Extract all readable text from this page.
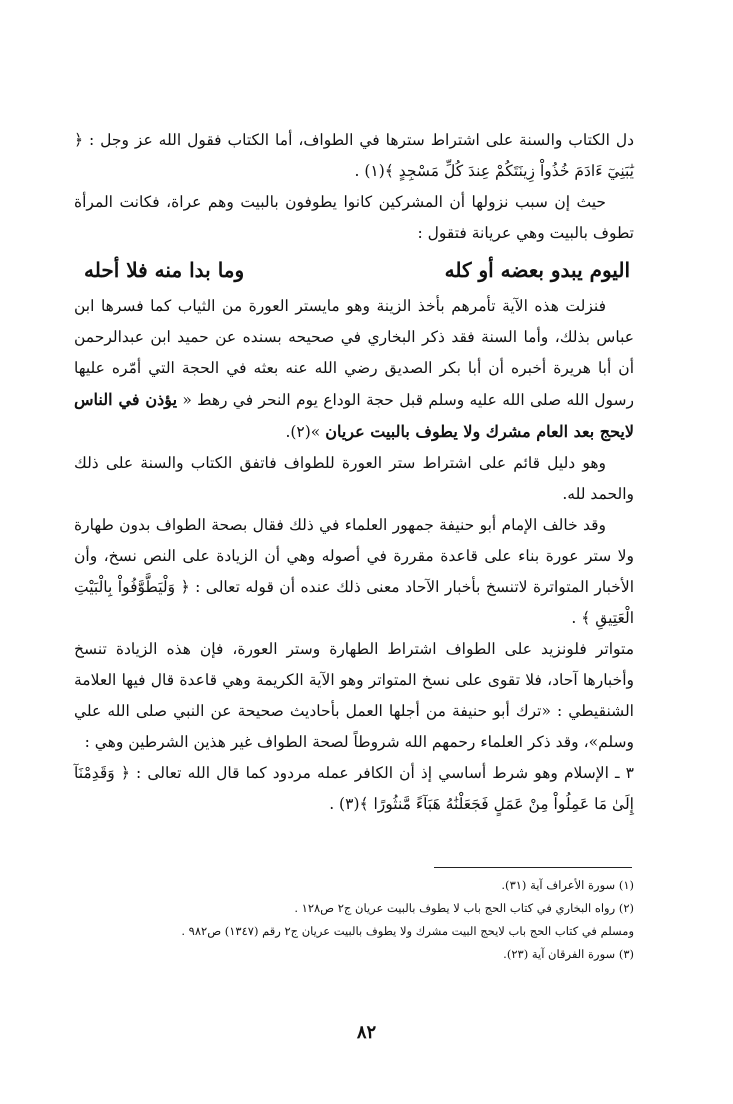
دل الكتاب والسنة على اشتراط سترها في الطواف، أما الكتاب فقول الله عز وجل : ﴿ يَٰبَنِيٓ ءَادَمَ خُذُواْ زِينَتَكُمْ عِندَ كُلِّ مَسْجِدٍ ﴾(١) .

حيث إن سبب نزولها أن المشركين كانوا يطوفون بالبيت وهم عراة، فكانت المرأة تطوف بالبيت وهي عريانة فتقول :

اليوم يبدو بعضه أو كله
وما بدا منه فلا أحله

فنزلت هذه الآية تأمرهم بأخذ الزينة وهو مايستر العورة من الثياب كما فسرها ابن عباس بذلك، وأما السنة فقد ذكر البخاري في صحيحه بسنده عن حميد ابن عبدالرحمن أن أبا هريرة أخبره أن أبا بكر الصديق رضي الله عنه بعثه في الحجة التي أمّره عليها رسول الله صلى الله عليه وسلم قبل حجة الوداع يوم النحر في رهط « يؤذن في الناس لايحج بعد العام مشرك ولا يطوف بالبيت عريان »(٢).

وهو دليل قائم على اشتراط ستر العورة للطواف فاتفق الكتاب والسنة على ذلك والحمد لله.

وقد خالف الإمام أبو حنيفة جمهور العلماء في ذلك فقال بصحة الطواف بدون طهارة ولا ستر عورة بناء على قاعدة مقررة في أصوله وهي أن الزيادة على النص نسخ، وأن الأخبار المتواترة لاتنسخ بأخبار الآحاد معنى ذلك عنده أن قوله تعالى : ﴿ وَلْيَطَّوَّفُواْ بِالْبَيْتِ الْعَتِيقِ ﴾ .

متواتر فلونزيد على الطواف اشتراط الطهارة وستر العورة، فإن هذه الزيادة تنسخ وأخبارها آحاد، فلا تقوى على نسخ المتواتر وهو الآية الكريمة وهي قاعدة قال فيها العلامة الشنقيطي : «ترك أبو حنيفة من أجلها العمل بأحاديث صحيحة عن النبي صلى الله علي وسلم»، وقد ذكر العلماء رحمهم الله شروطاً لصحة الطواف غير هذين الشرطين وهي :

٣ ـ الإسلام وهو شرط أساسي إذ أن الكافر عمله مردود كما قال الله تعالى : ﴿ وَقَدِمْنَآ إِلَىٰ مَا عَمِلُواْ مِنْ عَمَلٍ فَجَعَلْنَٰهُ هَبَآءً مَّنثُورًا ﴾(٣) .

(١) سورة الأعراف آية (٣١).

(٢) رواه البخاري في كتاب الحج باب لا يطوف بالبيت عريان ج٢ ص١٢٨ .

ومسلم في كتاب الحج باب لايحج البيت مشرك ولا يطوف بالبيت عريان ج٢ رقم (١٣٤٧) ص٩٨٢ .

(٣) سورة الفرقان آية (٢٣).

٨٢
